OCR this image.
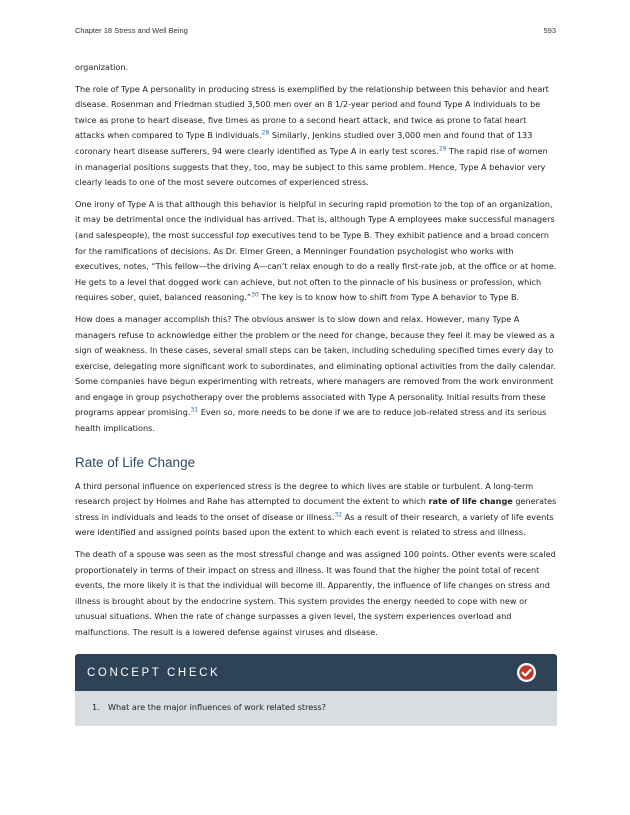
Chapter 18 Stress and Well Being	593

organization.

The role of Type A personality in producing stress is exemplified by the relationship between this behavior and heart disease. Rosenman and Friedman studied 3,500 men over an 8 1/2-year period and found Type A individuals to be twice as prone to heart disease, five times as prone to a second heart attack, and twice as prone to fatal heart attacks when compared to Type B individuals.$^{28}$ Similarly, Jenkins studied over 3,000 men and found that of 133 coronary heart disease sufferers, 94 were clearly identified as Type A in early test scores.$^{29}$ The rapid rise of women in managerial positions suggests that they, too, may be subject to this same problem. Hence, Type A behavior very clearly leads to one of the most severe outcomes of experienced stress.

One irony of Type A is that although this behavior is helpful in securing rapid promotion to the top of an organization, it may be detrimental once the individual has arrived. That is, although Type A employees make successful managers (and salespeople), the most successful top executives tend to be Type B. They exhibit patience and a broad concern for the ramifications of decisions. As Dr. Elmer Green, a Menninger Foundation psychologist who works with executives, notes, “This fellow—the driving A—can’t relax enough to do a really first-rate job, at the office or at home. He gets to a level that dogged work can achieve, but not often to the pinnacle of his business or profession, which requires sober, quiet, balanced reasoning.”$^{30}$ The key is to know how to shift from Type A behavior to Type B.

How does a manager accomplish this? The obvious answer is to slow down and relax. However, many Type A managers refuse to acknowledge either the problem or the need for change, because they feel it may be viewed as a sign of weakness. In these cases, several small steps can be taken, including scheduling specified times every day to exercise, delegating more significant work to subordinates, and eliminating optional activities from the daily calendar. Some companies have begun experimenting with retreats, where managers are removed from the work environment and engage in group psychotherapy over the problems associated with Type A personality. Initial results from these programs appear promising.$^{31}$ Even so, more needs to be done if we are to reduce job-related stress and its serious health implications.

Rate of Life Change

A third personal influence on experienced stress is the degree to which lives are stable or turbulent. A long-term research project by Holmes and Rahe has attempted to document the extent to which rate of life change generates stress in individuals and leads to the onset of disease or illness.$^{32}$ As a result of their research, a variety of life events were identified and assigned points based upon the extent to which each event is related to stress and illness.

The death of a spouse was seen as the most stressful change and was assigned 100 points. Other events were scaled proportionately in terms of their impact on stress and illness. It was found that the higher the point total of recent events, the more likely it is that the individual will become ill. Apparently, the influence of life changes on stress and illness is brought about by the endocrine system. This system provides the energy needed to cope with new or unusual situations. When the rate of change surpasses a given level, the system experiences overload and malfunctions. The result is a lowered defense against viruses and disease.

CONCEPT CHECK
1.	What are the major influences of work related stress?
